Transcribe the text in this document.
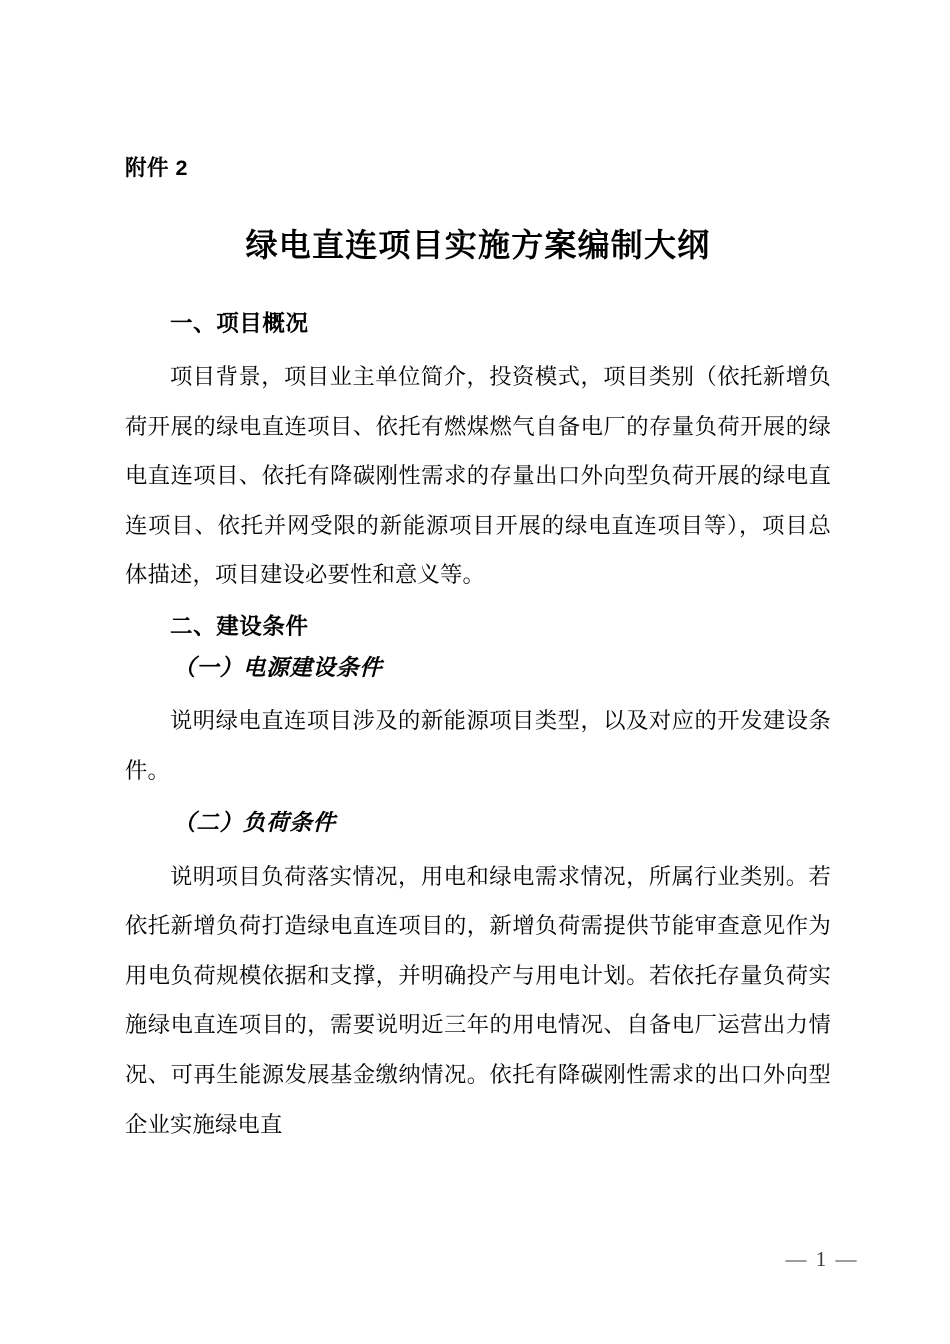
附件 2
绿电直连项目实施方案编制大纲
一、项目概况
项目背景，项目业主单位简介，投资模式，项目类别（依托新增负荷开展的绿电直连项目、依托有燃煤燃气自备电厂的存量负荷开展的绿电直连项目、依托有降碳刚性需求的存量出口外向型负荷开展的绿电直连项目、依托并网受限的新能源项目开展的绿电直连项目等），项目总体描述，项目建设必要性和意义等。
二、建设条件
（一）电源建设条件
说明绿电直连项目涉及的新能源项目类型，以及对应的开发建设条件。
（二）负荷条件
说明项目负荷落实情况，用电和绿电需求情况，所属行业类别。若依托新增负荷打造绿电直连项目的，新增负荷需提供节能审查意见作为用电负荷规模依据和支撑，并明确投产与用电计划。若依托存量负荷实施绿电直连项目的，需要说明近三年的用电情况、自备电厂运营出力情况、可再生能源发展基金缴纳情况。依托有降碳刚性需求的出口外向型企业实施绿电直

— 1 —
